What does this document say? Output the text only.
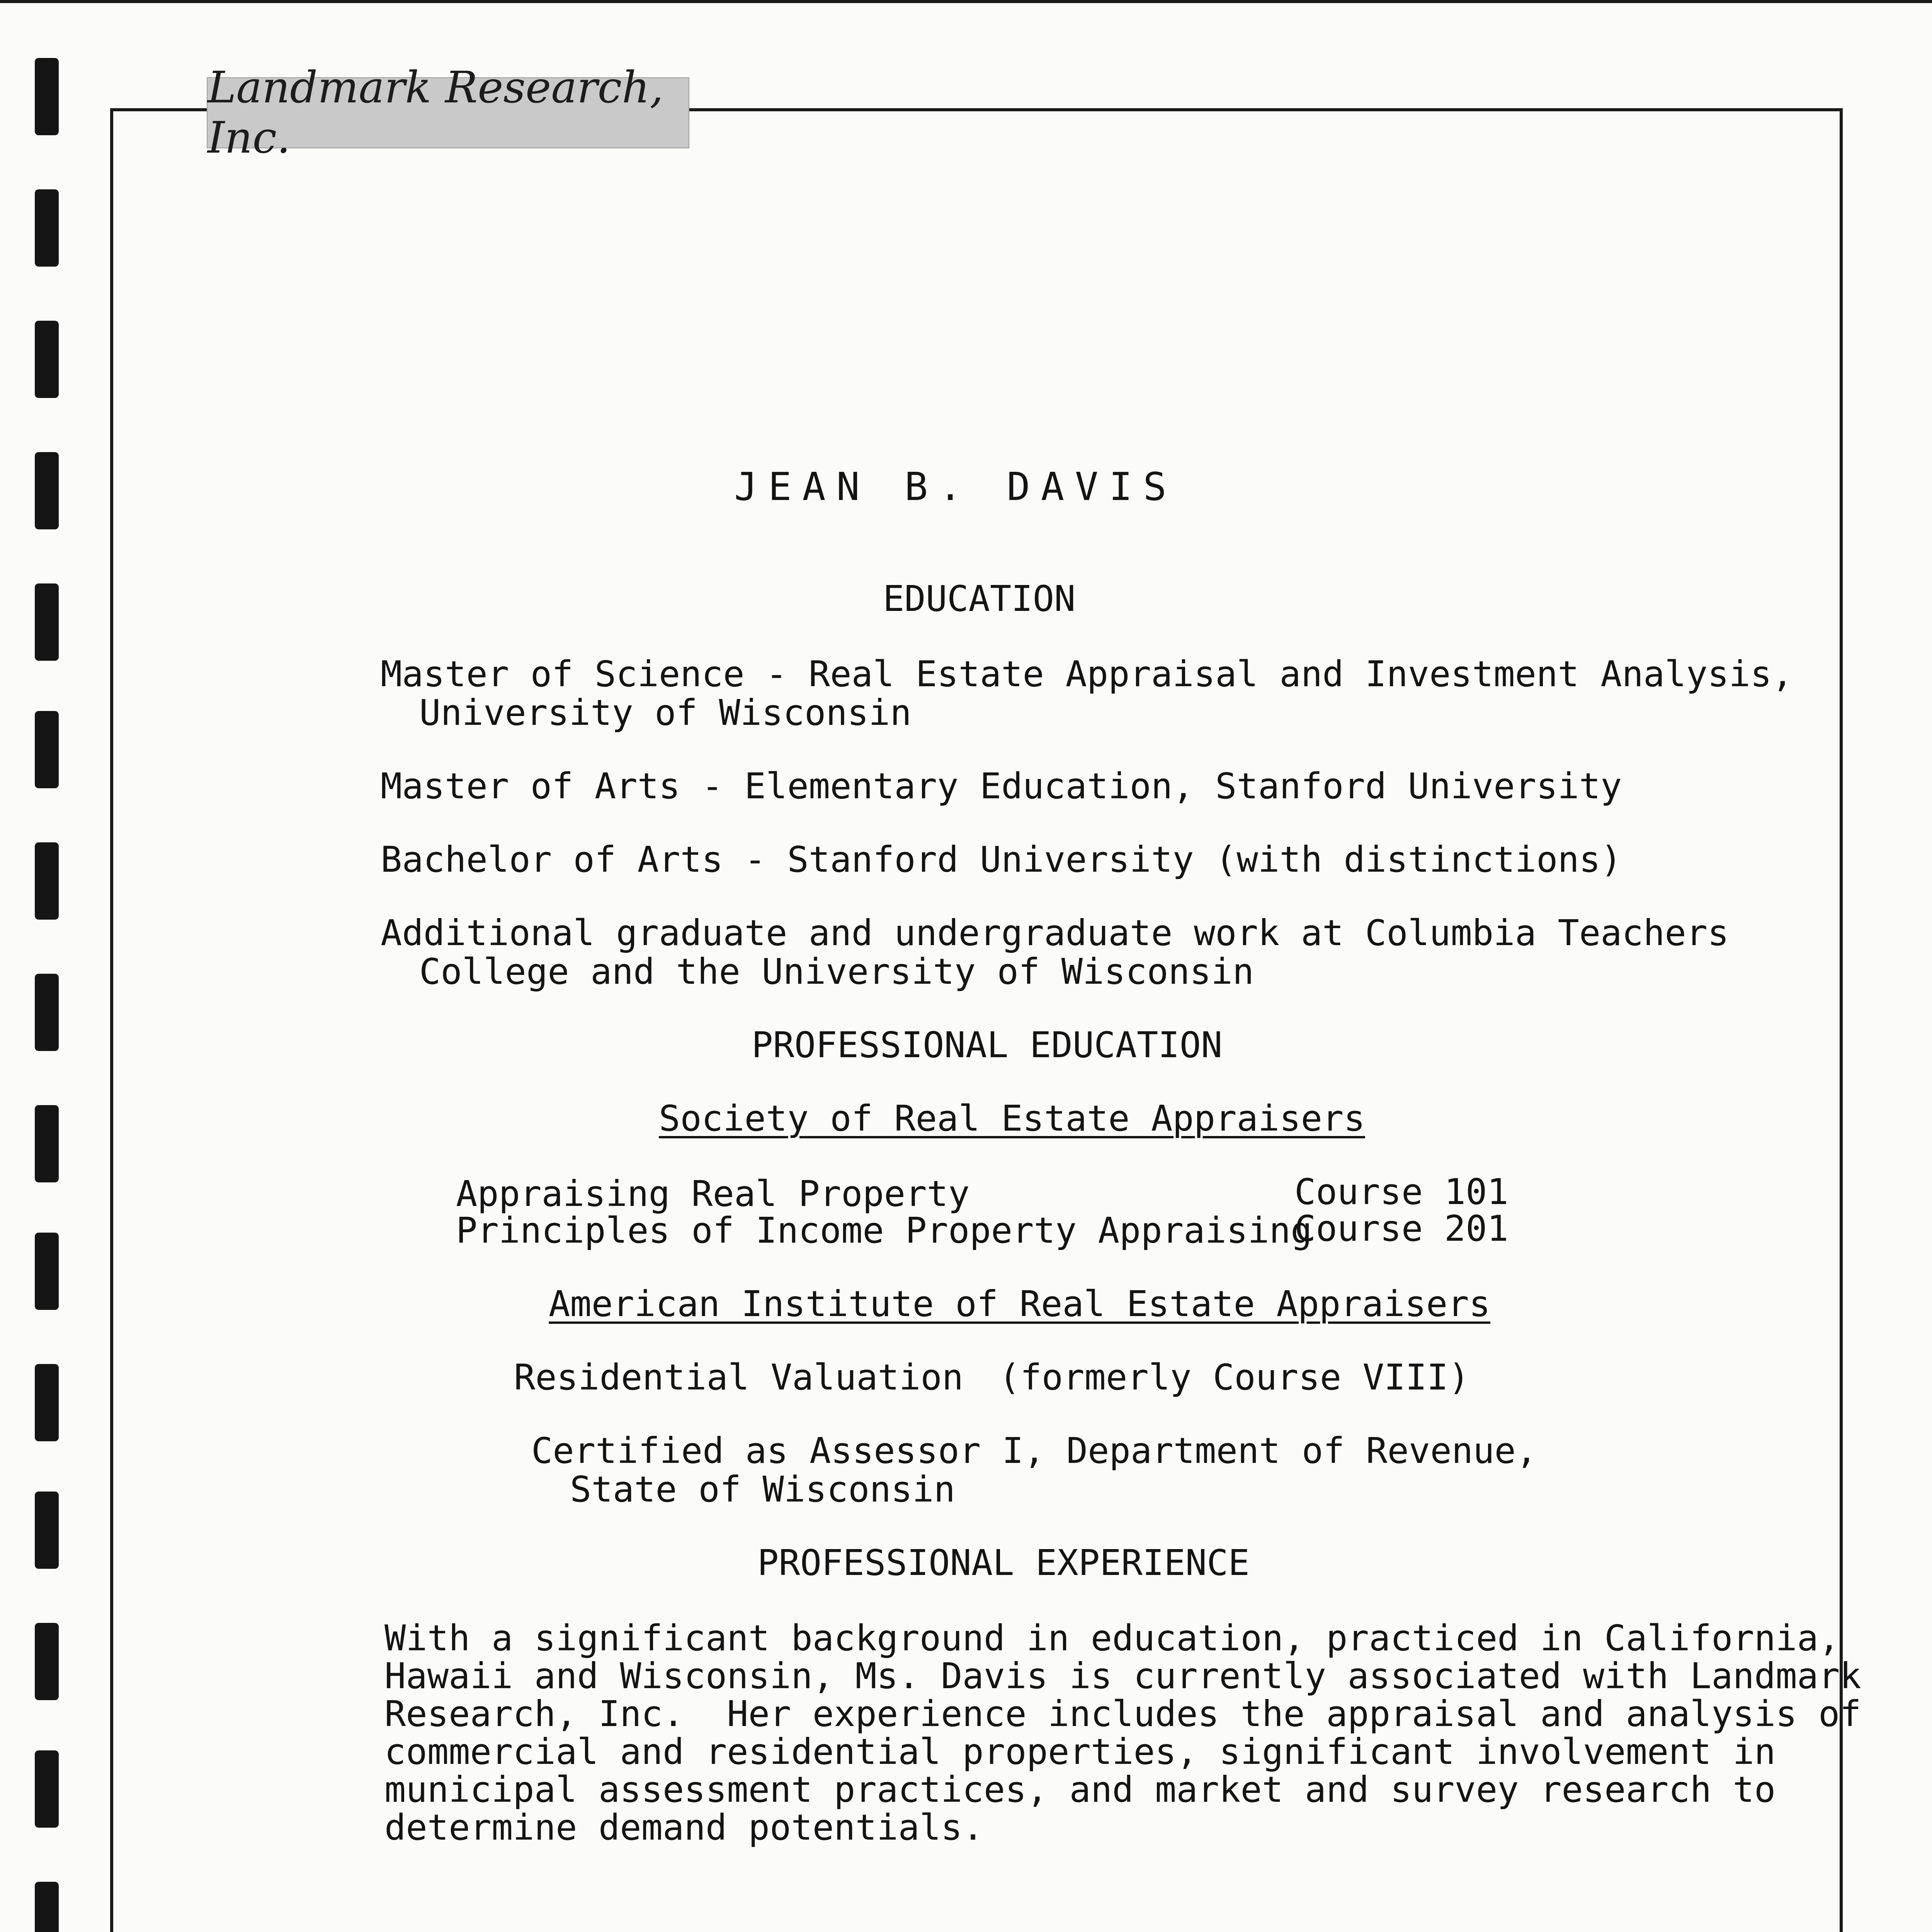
Landmark Research, Inc.
JEAN B. DAVIS
EDUCATION
Master of Science - Real Estate Appraisal and Investment Analysis,
University of Wisconsin
Master of Arts - Elementary Education, Stanford University
Bachelor of Arts - Stanford University (with distinctions)
Additional graduate and undergraduate work at Columbia Teachers
College and the University of Wisconsin
PROFESSIONAL EDUCATION
Society of Real Estate Appraisers
Appraising Real Property	Course 101
Principles of Income Property Appraising
Course 201
American Institute of Real Estate Appraisers
Residential Valuation (formerly Course VIII)
Certified as Assessor I, Department of Revenue,
State of Wisconsin
PROFESSIONAL EXPERIENCE
With a significant background in education, practiced in California,
Hawaii and Wisconsin, Ms. Davis is currently associated with Landmark
Research, Inc.  Her experience includes the appraisal and analysis of
commercial and residential properties, significant involvement in
municipal assessment practices, and market and survey research to
determine demand potentials.
